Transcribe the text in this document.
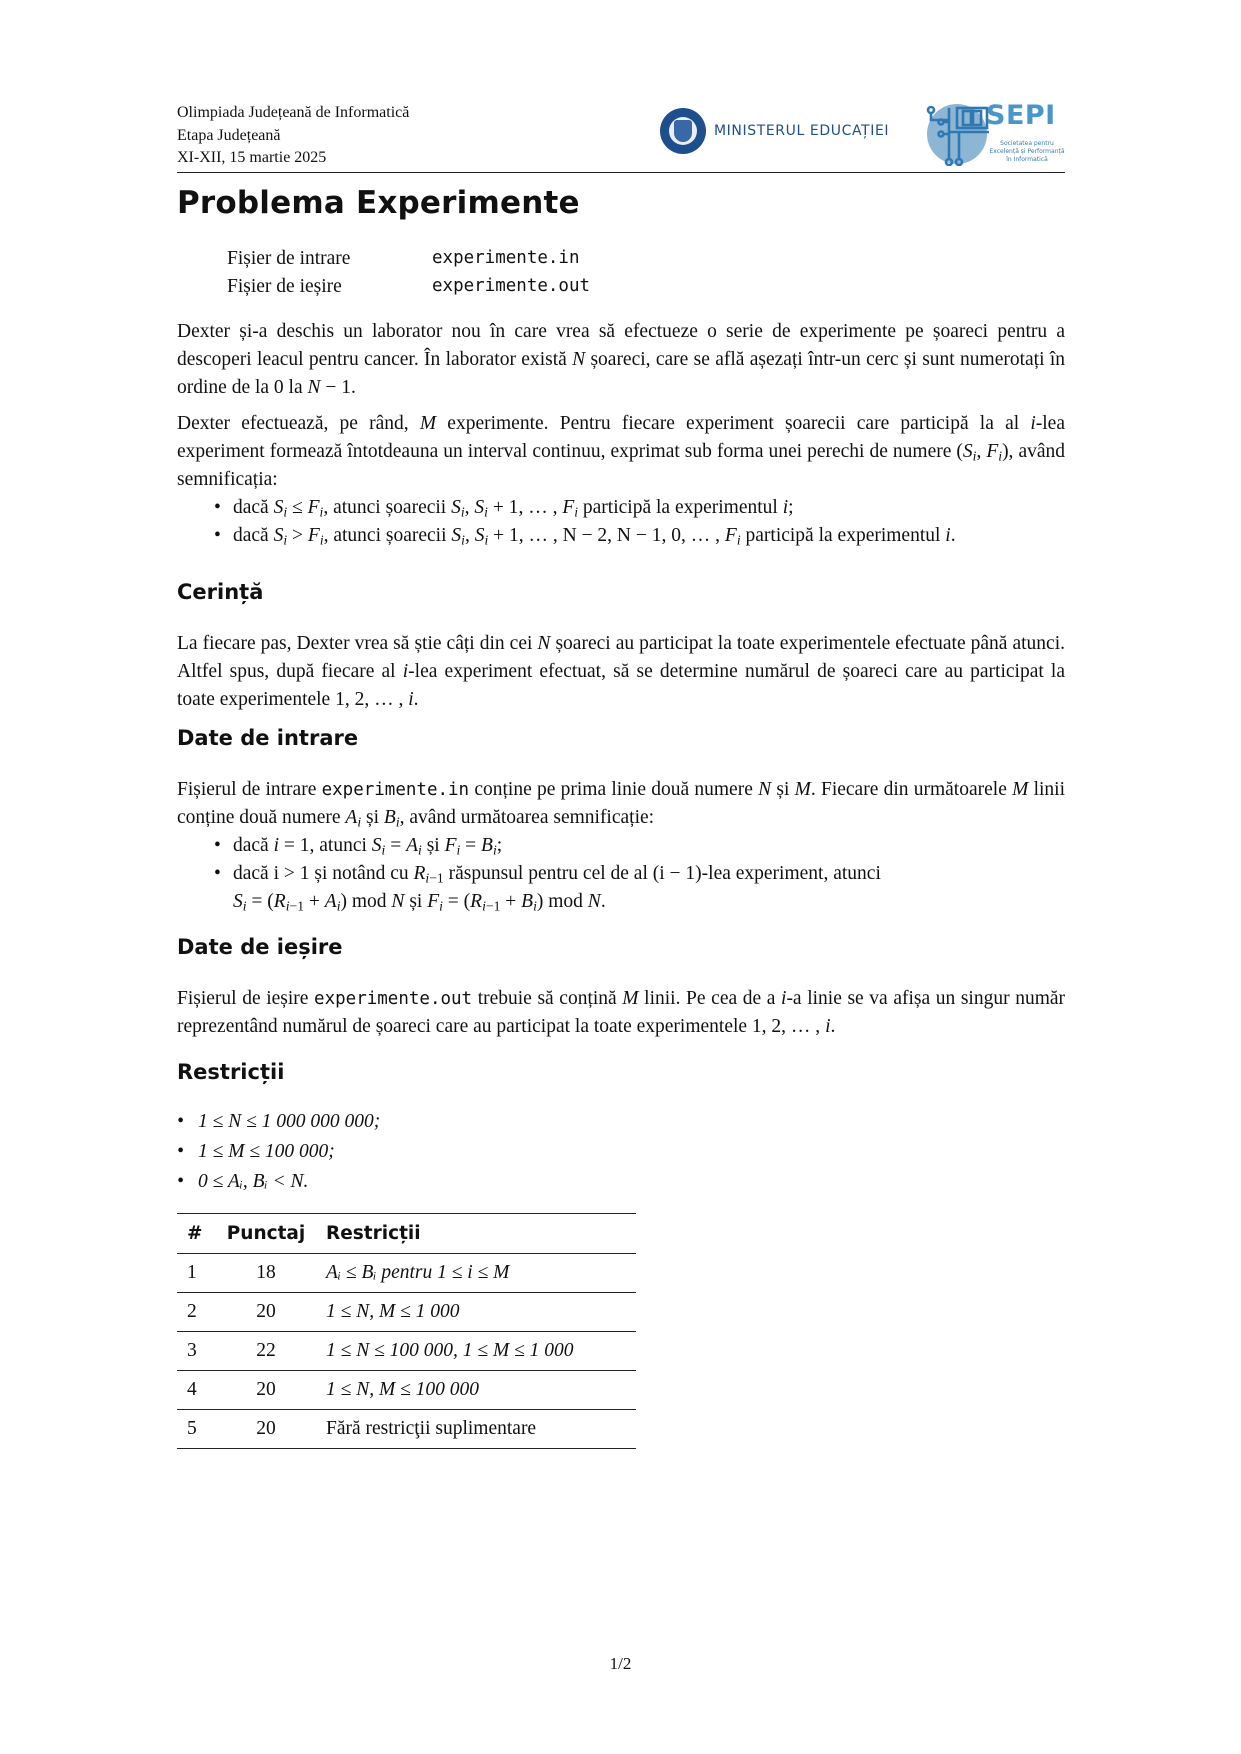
Olimpiada Județeană de Informatică
Etapa Județeană
XI-XII, 15 martie 2025
MINISTERUL EDUCAȚIEI	SEPI
Societatea pentru Excelență și Performanță în Informatică
Problema Experimente
Fișier de intrare	experimente.in
Fișier de ieșire	experimente.out

Dexter și-a deschis un laborator nou în care vrea să efectueze o serie de experimente pe șoareci pentru a descoperi leacul pentru cancer. În laborator există N șoareci, care se află așezați într-un cerc și sunt numerotați în ordine de la 0 la N − 1.

Dexter efectuează, pe rând, M experimente. Pentru fiecare experiment șoarecii care participă la al i-lea experiment formează întotdeauna un interval continuu, exprimat sub forma unei perechi de numere ($S_i$, $F_i$), având semnificația:

• dacă $S_i \le F_i$, atunci șoarecii $S_i$, $S_i + 1$, … , $F_i$ participă la experimentul i;
• dacă $S_i > F_i$, atunci șoarecii $S_i$, $S_i + 1$, … , N − 2, N − 1, 0, … , $F_i$ participă la experimentul i.
Cerință

La fiecare pas, Dexter vrea să știe câți din cei N șoareci au participat la toate experimentele efectuate până atunci. Altfel spus, după fiecare al i-lea experiment efectuat, să se determine numărul de șoareci care au participat la toate experimentele 1, 2, … , i.

Date de intrare

Fișierul de intrare experimente.in conține pe prima linie două numere N și M. Fiecare din următoarele M linii conține două numere $A_i$ și $B_i$, având următoarea semnificație:

• dacă i = 1, atunci $S_i = A_i$ și $F_i = B_i$;
• dacă i > 1 și notând cu $R_{i-1}$ răspunsul pentru cel de al (i − 1)-lea experiment, atunci
$S_i = (R_{i-1} + A_i)$ mod N și $F_i = (R_{i-1} + B_i)$ mod N.
Date de ieșire

Fișierul de ieșire experimente.out trebuie să conțină M linii. Pe cea de a i-a linie se va afișa un singur număr reprezentând numărul de șoareci care au participat la toate experimentele 1, 2, … , i.

Restricții
• 1 ≤ N ≤ 1 000 000 000;
• 1 ≤ M ≤ 100 000;
• 0 ≤ Aᵢ, Bᵢ < N.
#	Punctaj	Restricții
1	18	Aᵢ ≤ Bᵢ pentru 1 ≤ i ≤ M
2	20	1 ≤ N, M ≤ 1 000
3	22	1 ≤ N ≤ 100 000, 1 ≤ M ≤ 1 000
4	20	1 ≤ N, M ≤ 100 000
5	20	Fără restricţii suplimentare
1/2
